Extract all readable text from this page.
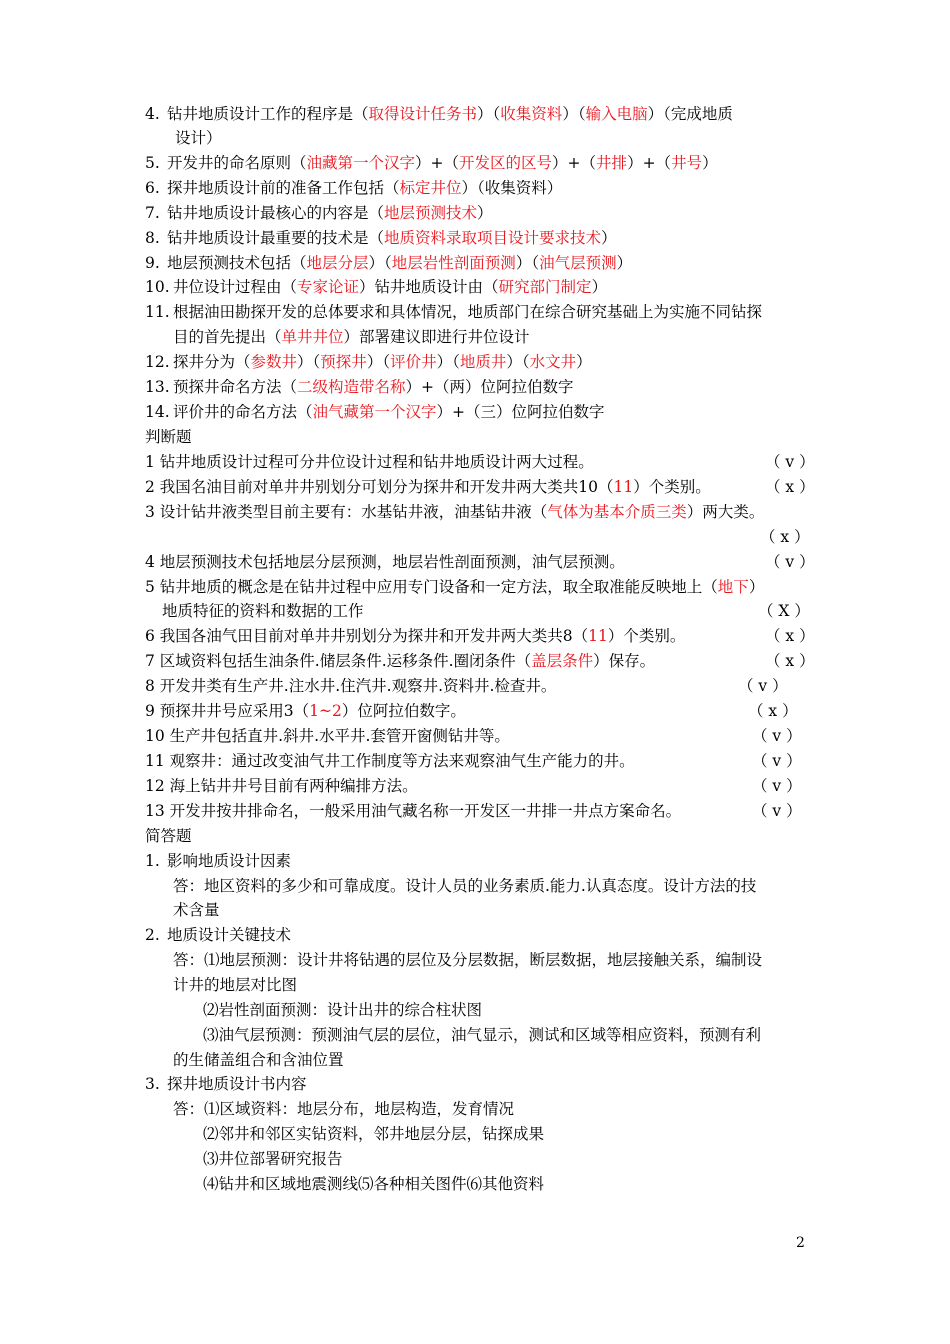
4. 钻井地质设计工作的程序是（取得设计任务书）（收集资料）（输入电脑）（完成地质
设计）
5. 开发井的命名原则（油藏第一个汉字）+（开发区的区号）+（井排）+（井号）
6. 探井地质设计前的准备工作包括（标定井位）（收集资料）
7. 钻井地质设计最核心的内容是（地层预测技术）
8. 钻井地质设计最重要的技术是（地质资料录取项目设计要求技术）
9. 地层预测技术包括（地层分层）（地层岩性剖面预测）（油气层预测）
10. 井位设计过程由（专家论证）钻井地质设计由（研究部门制定）
11. 根据油田勘探开发的总体要求和具体情况，地质部门在综合研究基础上为实施不同钻探
目的首先提出（单井井位）部署建议即进行井位设计
12. 探井分为（参数井）（预探井）（评价井）（地质井）（水文井）
13. 预探井命名方法（二级构造带名称）+（两）位阿拉伯数字
14. 评价井的命名方法（油气藏第一个汉字）+（三）位阿拉伯数字
判断题
1 钻井地质设计过程可分井位设计过程和钻井地质设计两大过程。	（ v ）
2 我国名油目前对单井井别划分可划分为探井和开发井两大类共10（11）个类别。	（ x ）
3 设计钻井液类型目前主要有：水基钻井液，油基钻井液（气体为基本介质三类）两大类。
（ x ）
4 地层预测技术包括地层分层预测，地层岩性剖面预测，油气层预测。	（ v ）
5 钻井地质的概念是在钻井过程中应用专门设备和一定方法，取全取准能反映地上（地下）
地质特征的资料和数据的工作	（ X ）
6 我国各油气田目前对单井井别划分为探井和开发井两大类共8（11）个类别。	（ x ）
7 区域资料包括生油条件.储层条件.运移条件.圈闭条件（盖层条件）保存。	（ x ）
8 开发井类有生产井.注水井.住汽井.观察井.资料井.检查井。	（ v ）
9 预探井井号应采用3（1~2）位阿拉伯数字。	（ x ）
10 生产井包括直井.斜井.水平井.套管开窗侧钻井等。	（ v ）
11 观察井：通过改变油气井工作制度等方法来观察油气生产能力的井。	（ v ）
12 海上钻井井号目前有两种编排方法。	（ v ）
13 开发井按井排命名，一般采用油气藏名称一开发区一井排一井点方案命名。	（ v ）
简答题
1. 影响地质设计因素
答：地区资料的多少和可靠成度。设计人员的业务素质.能力.认真态度。设计方法的技
术含量
2. 地质设计关键技术
答：⑴地层预测：设计井将钻遇的层位及分层数据，断层数据，地层接触关系，编制设
计井的地层对比图
⑵岩性剖面预测：设计出井的综合柱状图
⑶油气层预测：预测油气层的层位，油气显示，测试和区域等相应资料，预测有利
的生储盖组合和含油位置
3. 探井地质设计书内容
答：⑴区域资料：地层分布，地层构造，发育情况
⑵邻井和邻区实钻资料，邻井地层分层，钻探成果
⑶井位部署研究报告
⑷钻井和区域地震测线⑸各种相关图件⑹其他资料
2
